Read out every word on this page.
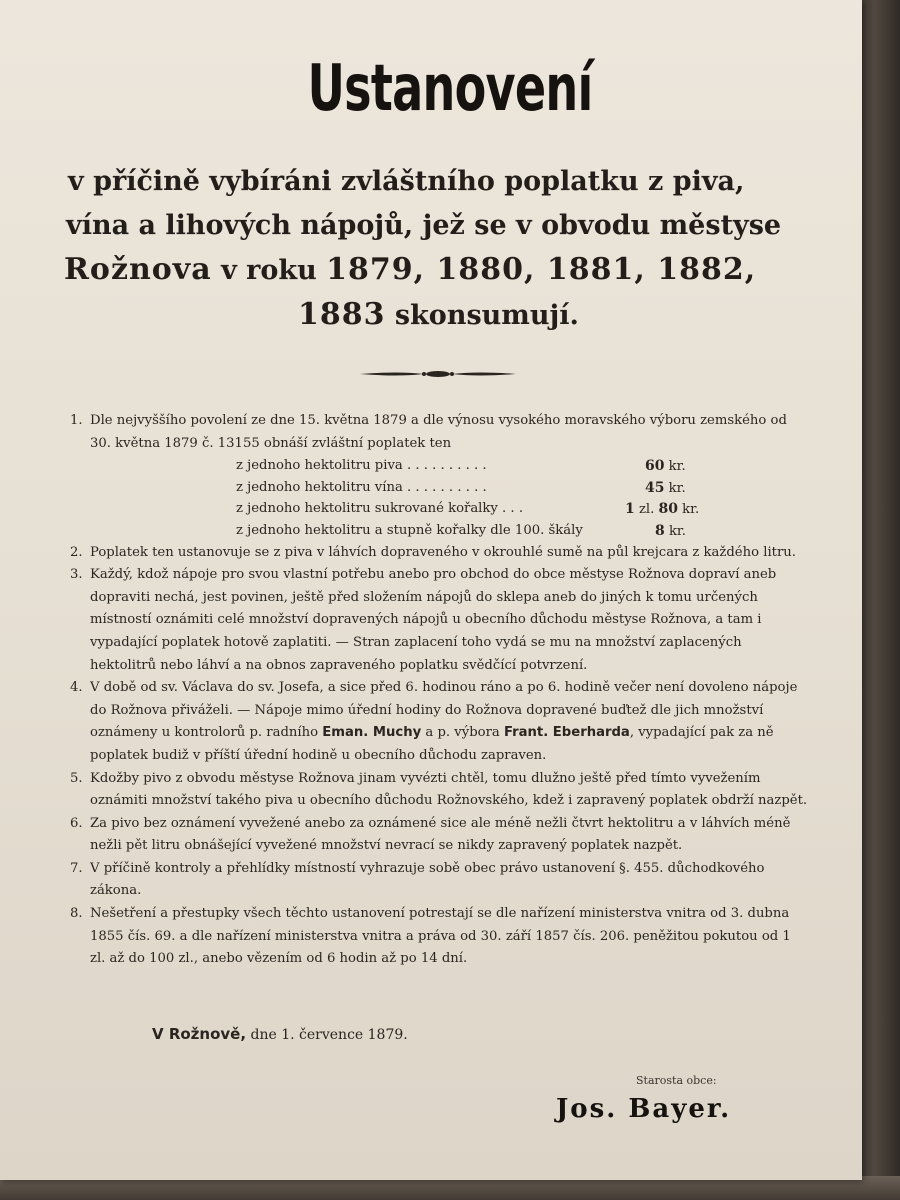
Ustanovení
v příčině vybíráni zvláštního poplatku z piva,
vína a lihových nápojů, jež se v obvodu městyse
Rožnova v roku 1879, 1880, 1881, 1882,
1883 skonsumují.
1. Dle nejvyššího povolení ze dne 15. května 1879 a dle výnosu vysokého moravského výboru zemského od 30. května 1879 č. 13155 obnáší zvláštní poplatek ten
z jednoho hektolitru piva . . . . . . . . . .	60 kr.
z jednoho hektolitru vína . . . . . . . . . .	45 kr.
z jednoho hektolitru sukrované kořalky . . .	1 zl. 80 kr.
z jednoho hektolitru a stupně kořalky dle 100. škály	8 kr.
2. Poplatek ten ustanovuje se z piva v láhvích dopraveného v okrouhlé sumě na půl krejcara z každého litru.
3. Každý, kdož nápoje pro svou vlastní potřebu anebo pro obchod do obce městyse Rožnova dopraví aneb dopraviti nechá, jest povinen, ještě před složením nápojů do sklepa aneb do jiných k tomu určených místností oznámiti celé množství dopravených nápojů u obecního důchodu městyse Rožnova, a tam i vypadající poplatek hotově zaplatiti. — Stran zaplacení toho vydá se mu na množství zaplacených hektolitrů nebo láhví a na obnos zapraveného poplatku svědčící potvrzení.
4. V době od sv. Václava do sv. Josefa, a sice před 6. hodinou ráno a po 6. hodině večer není dovoleno nápoje do Rožnova přiváželi. — Nápoje mimo úřední hodiny do Rožnova dopravené buďtež dle jich množství oznámeny u kontrolorů p. radního Eman. Muchy a p. výbora Frant. Eberharda, vypadající pak za ně poplatek budiž v příští úřední hodině u obecního důchodu zapraven.
5. Kdožby pivo z obvodu městyse Rožnova jinam vyvézti chtěl, tomu dlužno ještě před tímto vyvežením oznámiti množství takého piva u obecního důchodu Rožnovského, kdež i zapravený poplatek obdrží nazpět.
6. Za pivo bez oznámení vyvežené anebo za oznámené sice ale méně nežli čtvrt hektolitru a v láhvích méně nežli pět litru obnášející vyvežené množství nevrací se nikdy zapravený poplatek nazpět.
7. V příčině kontroly a přehlídky místností vyhrazuje sobě obec právo ustanovení §. 455. důchodkového zákona.
8. Nešetření a přestupky všech těchto ustanovení potrestají se dle nařízení ministerstva vnitra od 3. dubna 1855 čís. 69. a dle nařízení ministerstva vnitra a práva od 30. září 1857 čís. 206. peněžitou pokutou od 1 zl. až do 100 zl., anebo vězením od 6 hodin až po 14 dní.
V Rožnově, dne 1. července 1879.
Starosta obce:
Jos. Bayer.
